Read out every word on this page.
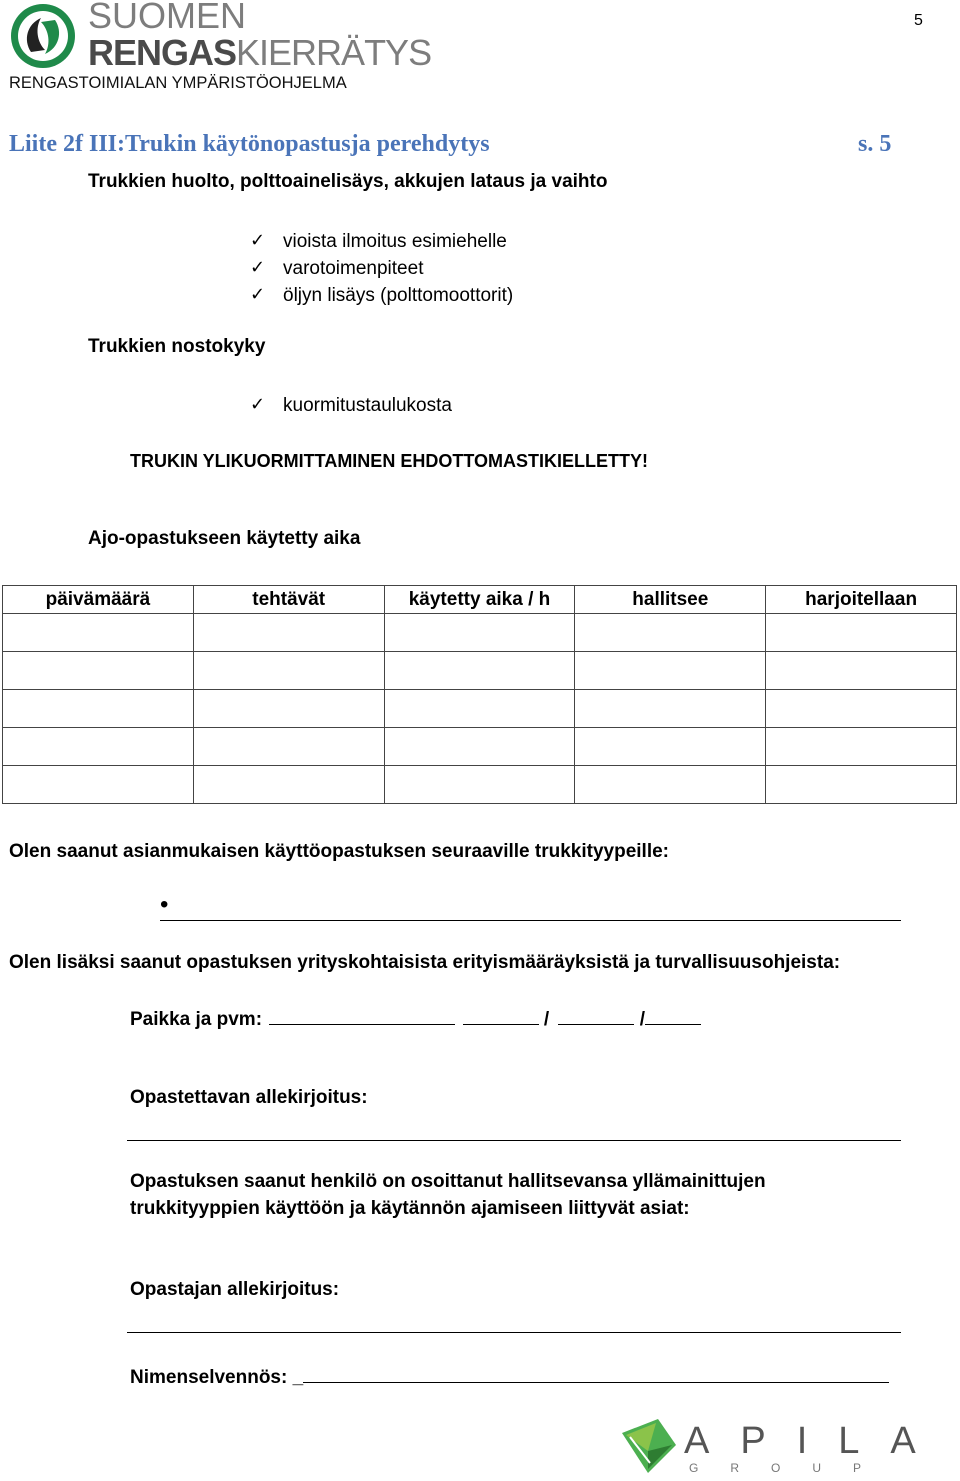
SUOMEN
RENGASKIERRÄTYS
RENGASTOIMIALAN YMPÄRISTÖOHJELMA
5
Liite 2f III:Trukin käytönopastusja perehdytys	s. 5
Trukkien huolto, polttoainelisäys, akkujen lataus ja vaihto
✓ vioista ilmoitus esimiehelle
✓ varotoimenpiteet
✓ öljyn lisäys (polttomoottorit)
Trukkien nostokyky
✓ kuormitustaulukosta
TRUKIN YLIKUORMITTAMINEN EHDOTTOMASTIKIELLETTY!
Ajo-opastukseen käytetty aika
päivämäärä	tehtävät	käytetty aika / h	hallitsee	harjoitellaan

Olen saanut asianmukaisen käyttöopastuksen seuraaville trukkityypeille:
•
Olen lisäksi saanut opastuksen yrityskohtaisista erityismääräyksistä ja turvallisuusohjeista:
Paikka ja pvm:	/	/
Opastettavan allekirjoitus:
Opastuksen saanut henkilö on osoittanut hallitsevansa yllämainittujen
trukkityyppien käyttöön ja käytännön ajamiseen liittyvät asiat:
Opastajan allekirjoitus:
Nimenselvennös: _
APILA
GROUP
